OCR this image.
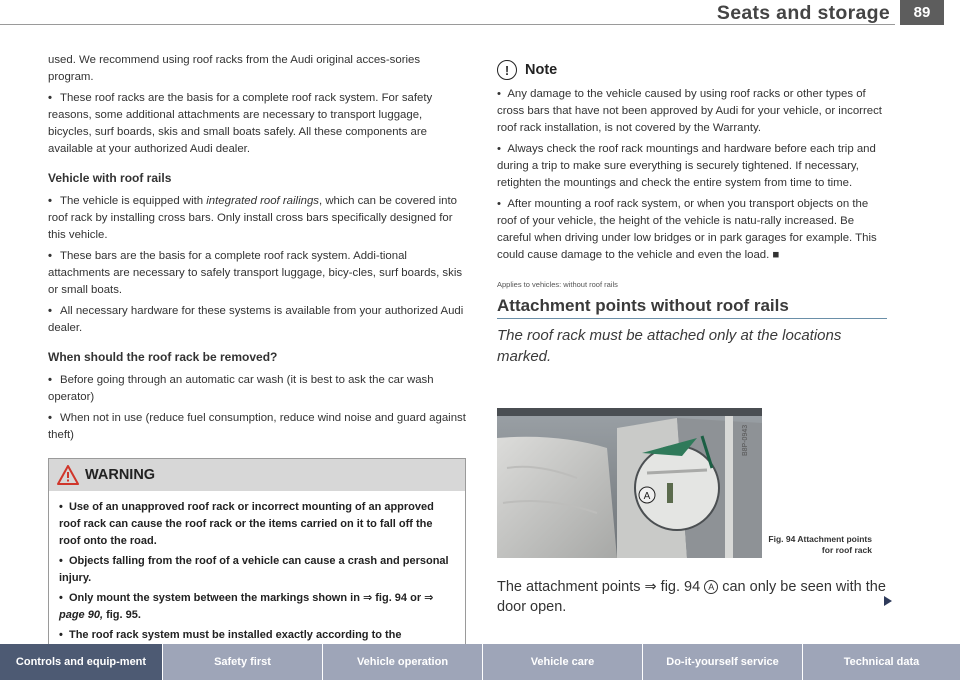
Seats and storage	89

used. We recommend using roof racks from the Audi original acces-sories program.

• These roof racks are the basis for a complete roof rack system. For safety reasons, some additional attachments are necessary to transport luggage, bicycles, surf boards, skis and small boats safely. All these components are available at your authorized Audi dealer.

Vehicle with roof rails

• The vehicle is equipped with integrated roof railings, which can be covered into roof rack by installing cross bars. Only install cross bars specifically designed for this vehicle.

• These bars are the basis for a complete roof rack system. Addi-tional attachments are necessary to safely transport luggage, bicy-cles, surf boards, skis or small boats.

• All necessary hardware for these systems is available from your authorized Audi dealer.

When should the roof rack be removed?

• Before going through an automatic car wash (it is best to ask the car wash operator)

• When not in use (reduce fuel consumption, reduce wind noise and guard against theft)

WARNING

•  Use of an unapproved roof rack or incorrect mounting of an approved roof rack can cause the roof rack or the items carried on it to fall off the roof onto the road.

•  Objects falling from the roof of a vehicle can cause a crash and personal injury.

•  Only mount the system between the markings shown in ⇒ fig. 94 or ⇒ page 90, fig. 95.

•  The roof rack system must be installed exactly according to the

!	Note

•  Any damage to the vehicle caused by using roof racks or other types of cross bars that have not been approved by Audi for your vehicle, or incorrect roof rack installation, is not covered by the Warranty.

•  Always check the roof rack mountings and hardware before each trip and during a trip to make sure everything is securely tightened. If necessary, retighten the mountings and check the entire system from time to time.

•  After mounting a roof rack system, or when you transport objects on the roof of your vehicle, the height of the vehicle is natu-rally increased. Be careful when driving under low bridges or in park garages for example. This could cause damage to the vehicle and even the load. ■

Applies to vehicles: without roof rails
Attachment points without roof rails
The roof rack must be attached only at the locations marked.
A
B8P-0943
Fig. 94 Attachment points for roof rack
The attachment points ⇒ fig. 94 A can only be seen with the door open.
Controls and equip-ment	Safety first	Vehicle operation	Vehicle care	Do-it-yourself service	Technical data
